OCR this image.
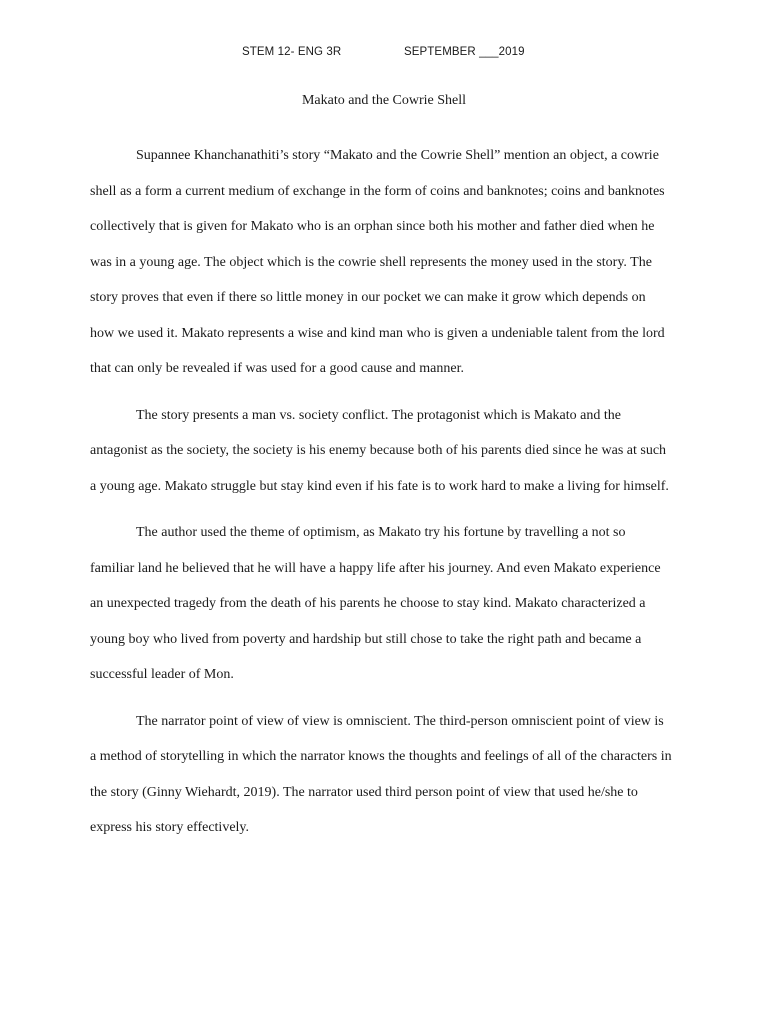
STEM 12- ENG 3R	SEPTEMBER ___2019
Makato and the Cowrie Shell

Supannee Khanchanathiti’s story “Makato and the Cowrie Shell” mention an object, a cowrie shell as a form a current medium of exchange in the form of coins and banknotes; coins and banknotes collectively that is given for Makato who is an orphan since both his mother and father died when he was in a young age. The object which is the cowrie shell represents the money used in the story. The story proves that even if there so little money in our pocket we can make it grow which depends on how we used it. Makato represents a wise and kind man who is given a undeniable talent from the lord that can only be revealed if was used for a good cause and manner.

The story presents a man vs. society conflict. The protagonist which is Makato and the antagonist as the society, the society is his enemy because both of his parents died since he was at such a young age. Makato struggle but stay kind even if his fate is to work hard to make a living for himself.

The author used the theme of optimism, as Makato try his fortune by travelling a not so familiar land he believed that he will have a happy life after his journey. And even Makato experience an unexpected tragedy from the death of his parents he choose to stay kind. Makato characterized a young boy who lived from poverty and hardship but still chose to take the right path and became a successful leader of Mon.

The narrator point of view of view is omniscient. The third-person omniscient point of view is a method of storytelling in which the narrator knows the thoughts and feelings of all of the characters in the story (Ginny Wiehardt, 2019). The narrator used third person point of view that used he/she to express his story effectively.
